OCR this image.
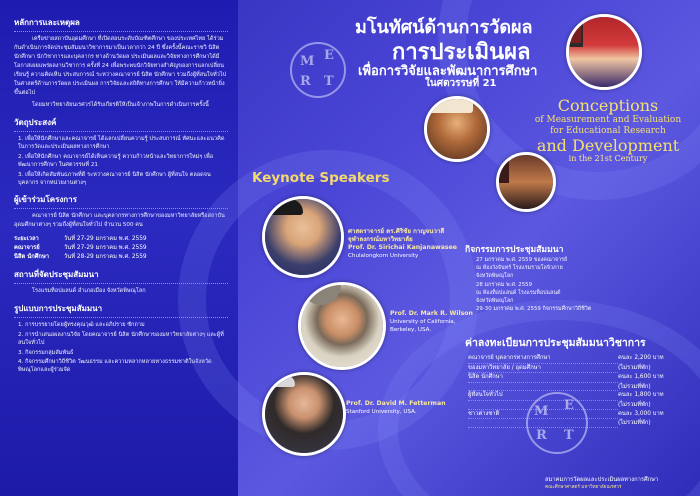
หลักการและเหตุผล

เครือข่ายสถาบันอุดมศึกษา ที่เปิดสอนระดับบัณฑิตศึกษา ของประเทศไทย ได้ร่วมกันดำเนินการจัดประชุมสัมมนาวิชาการมาเป็นเวลากว่า 24 ปี ซึ่งครั้งนี้คณะราชวิ นิสิต นักศึกษา นักวิชาการและบุคลากร ทางด้านวัดผล ประเมินผลและวิจัยทางการศึกษาได้มีโอกาสเผยแพร่ผลงานวิชาการ ครั้งที่ 24 เพื่อพระพบนักวิจัยทางสำคัญของการแลกเปลี่ยนเรียนรู้ ความคิดเห็น ประสบการณ์ ระหว่างคณาจารย์ นิสิต นักศึกษา รวมถึงผู้ที่สนใจทั่วไป ในศาสตร์ด้านการวัดผล ประเมินผล การวิจัยและสถิติทางการศึกษา ให้มีความก้าวหน้ายิ่งขึ้นต่อไป

โดยมหาวิทยาลัยนเรศวรได้รับเกียรติให้เป็นเจ้าภาพในการดำเนินการครั้งนี้

วัตถุประสงค์
1. เพื่อให้นักศึกษาและคณาจารย์ ได้แลกเปลี่ยนความรู้ ประสบการณ์ ทัศนะและแนวคิดในการวัดและประเมินผลทางการศึกษา
2. เพื่อให้นักศึกษา คณาจารย์ได้เห็นความรู้ ความก้าวหน้าและวิทยาการใหม่ๆ เพื่อพัฒนาการศึกษา ในศตวรรษที่ 21
3. เพื่อให้เกิดสัมพันธภาพที่ดี ระหว่างคณาจารย์ นิสิต นักศึกษา ผู้ที่สนใจ ตลอดจนบุคลากร จากหน่วยงานต่างๆ
ผู้เข้าร่วมโครงการ

คณาจารย์ นิสิต นักศึกษา และบุคลากรทางการศึกษาของมหาวิทยาลัยหรือสถาบันอุดมศึกษาต่างๆ รวมถึงผู้ที่สนใจทั่วไป จำนวน 500 คน

ระยะเวลา	วันที่ 27-29 มกราคม พ.ศ. 2559
คณาจารย์	วันที่ 27-29 มกราคม พ.ศ. 2559
นิสิต นักศึกษา	วันที่ 28-29 มกราคม พ.ศ. 2559
สถานที่จัดประชุมสัมมนา

โรงแรมท็อปแลนด์ อำเภอเมือง จังหวัดพิษณุโลก

รูปแบบการประชุมสัมมนา
1. การบรรยายโดยผู้ทรงคุณวุฒิ และอภิปราย ซักถาม
2. การนำเสนอผลงานวิจัย โดยคณาจารย์ นิสิต นักศึกษาของมหาวิทยาลัยต่างๆ และผู้ที่สนใจทั่วไป
3. กิจกรรมกลุ่มสัมพันธ์
4. กิจกรรมศึกษาวิถีชีวิต วัฒนธรรม และความหลากหลายทางธรรมชาติในจังหวัดพิษณุโลกและผู้ร่วมจัด
M E
R T
M E
R T
มโนทัศน์ด้านการวัดผล
การประเมินผล
เพื่อการวิจัยและพัฒนาการศึกษา
ในศตวรรษที่ 21
Conceptions
of Measurement and Evaluation
for Educational Research
and Development
in the 21st Century
Keynote Speakers
ศาสตราจารย์ ดร.ศิริชัย กาญจนวาสี
จุฬาลงกรณ์มหาวิทยาลัย
Prof. Dr. Sirichai Kanjanawasee
Chulalongkorn University
Prof. Dr. Mark R. Wilson
University of California, Berkeley, USA.
Prof. Dr. David M. Fetterman
Stanford University, USA.
กิจกรรมการประชุมสัมมนา
27 มกราคม พ.ศ. 2559 ของคณาจารย์
ณ ห้องวังจันทร์ โรงแรมรามโลจิวภาย
จังหวัดพิษณุโลก
28 มกราคม พ.ศ. 2559
ณ ห้องท็อปแลนด์ โรงแรมท็อปแลนด์
จังหวัดพิษณุโลก
29-30 มกราคม พ.ศ. 2559 กิจกรรมศึกษาวิถีชีวิต
ค่าลงทะเบียนการประชุมสัมมนาวิชาการ
คณาจารย์ บุคลากรทางการศึกษา	คนละ 2,200 บาท
ของมหาวิทยาลัย / อุดมศึกษา	(ไม่รวมที่พัก)
นิสิต นักศึกษา	คนละ 1,600 บาท
(ไม่รวมที่พัก)
ผู้ที่สนใจทั่วไป	คนละ 1,800 บาท
(ไม่รวมที่พัก)
ชาวต่างชาติ	คนละ 3,000 บาท
(ไม่รวมที่พัก)
สมาคมการวัดผลและประเมินผลทางการศึกษา
คณะศึกษาศาสตร์ มหาวิทยาลัยนเรศวร
